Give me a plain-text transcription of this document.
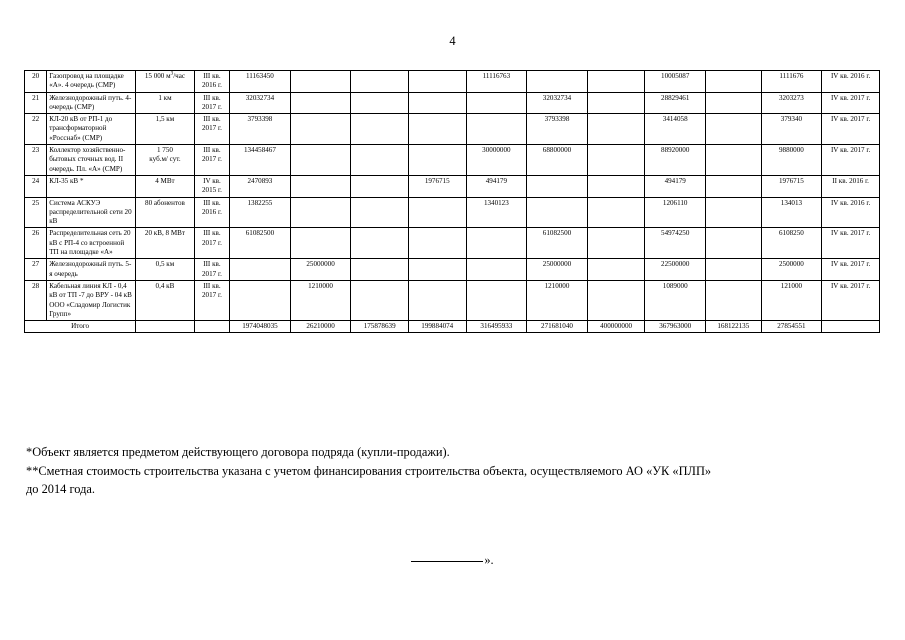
4
20	Газопровод на площадке «А». 4 очередь (СМР)	15 000 $м^3$/час	III кв.
2016 г.	11163450				11116763			10005087		1111676	IV кв. 2016 г.
21	Железнодорожный путь. 4-очередь (СМР)	1 км	III кв.
2017 г.	32032734					32032734		28829461		3203273	IV кв. 2017 г.
22	КЛ-20 кВ от РП-1 до трансформаторной «Росснаб» (СМР)	1,5 км	III кв.
2017 г.	3793398					3793398		3414058		379340	IV кв. 2017 г.
23	Коллектор хозяйственно-бытовых сточных вод. II очередь. Пл. «А» (СМР)	1 750
куб.м/ сут.	III кв.
2017 г.	134458467				30000000	68800000		88920000		9880000	IV кв. 2017 г.
24	КЛ-35 кВ *	4 МВт	IV кв.
2015 г.	2470893			1976715	494179			494179		1976715	II кв. 2016 г.
25	Система АСКУЭ распределительной сети 20 кВ	80 абонентов	III кв.
2016 г.	1382255				1340123			1206110		134013	IV кв. 2016 г.
26	Распределительная сеть 20 кВ с РП-4 со встроенной ТП на площадке «А»	20 кВ, 8 МВт	III кв.
2017 г.	61082500					61082500		54974250		6108250	IV кв. 2017 г.
27	Железнодорожный путь. 5-я очередь	0,5 км	III кв.
2017 г.		25000000				25000000		22500000		2500000	IV кв. 2017 г.
28	Кабельная линия КЛ - 0,4 кВ от ТП -7 до ВРУ - 04 кВ ООО «Сладомир Логистик Групп»	0,4 кВ	III кв.
2017 г.		1210000				1210000		1089000		121000	IV кв. 2017 г.
Итого				1974048035	26210000	175878639	199884074	316495933	271681040	400000000	367963000	168122135	27854551	

*Объект является предметом действующего договора подряда (купли-продажи).

**Сметная стоимость строительства указана с учетом финансирования строительства объекта, осуществляемого АО «УК «ПЛП»

до 2014 года.

».
